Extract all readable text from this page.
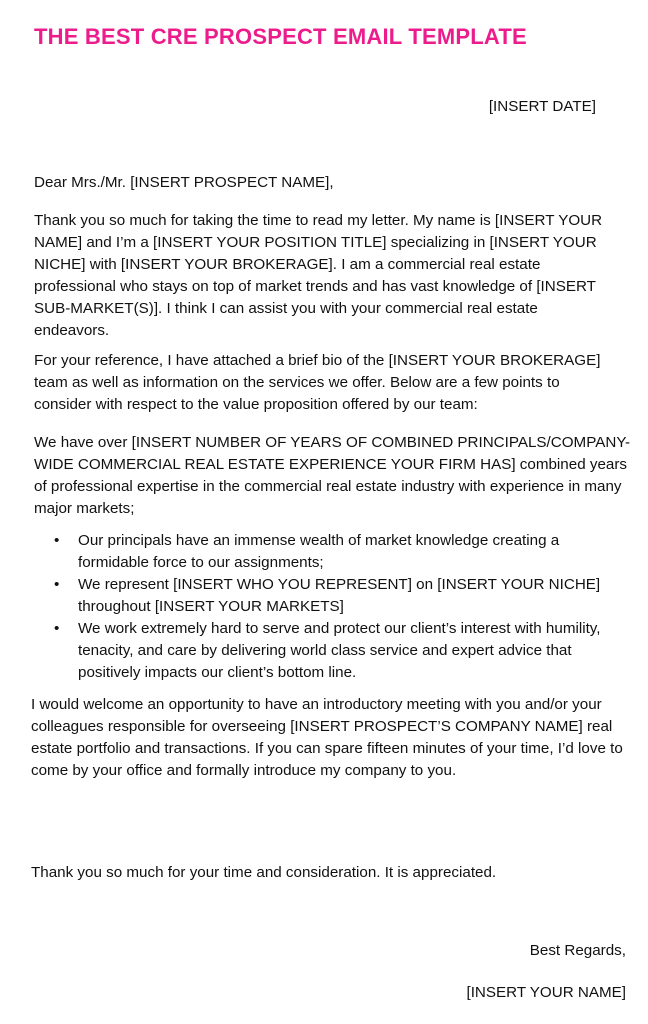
THE BEST CRE PROSPECT EMAIL TEMPLATE
[INSERT DATE]
Dear Mrs./Mr. [INSERT PROSPECT NAME],
Thank you so much for taking the time to read my letter. My name is [INSERT YOUR NAME] and I’m a [INSERT YOUR POSITION TITLE] specializing in [INSERT YOUR NICHE] with [INSERT YOUR BROKERAGE]. I am a commercial real estate professional who stays on top of market trends and has vast knowledge of [INSERT SUB-MARKET(S)]. I think I can assist you with your commercial real estate endeavors.
For your reference, I have attached a brief bio of the [INSERT YOUR BROKERAGE] team as well as information on the services we offer. Below are a few points to consider with respect to the value proposition offered by our team:
We have over [INSERT NUMBER OF YEARS OF COMBINED PRINCIPALS/COMPANY-WIDE COMMERCIAL REAL ESTATE EXPERIENCE YOUR FIRM HAS] combined years of professional expertise in the commercial real estate industry with experience in many major markets;
• Our principals have an immense wealth of market knowledge creating a formidable force to our assignments;
• We represent [INSERT WHO YOU REPRESENT] on [INSERT YOUR NICHE] throughout [INSERT YOUR MARKETS]
• We work extremely hard to serve and protect our client’s interest with humility, tenacity, and care by delivering world class service and expert advice that positively impacts our client’s bottom line.
I would welcome an opportunity to have an introductory meeting with you and/or your colleagues responsible for overseeing [INSERT PROSPECT’S COMPANY NAME] real estate portfolio and transactions. If you can spare fifteen minutes of your time, I’d love to come by your office and formally introduce my company to you.
Thank you so much for your time and consideration. It is appreciated.
Best Regards,
[INSERT YOUR NAME]
